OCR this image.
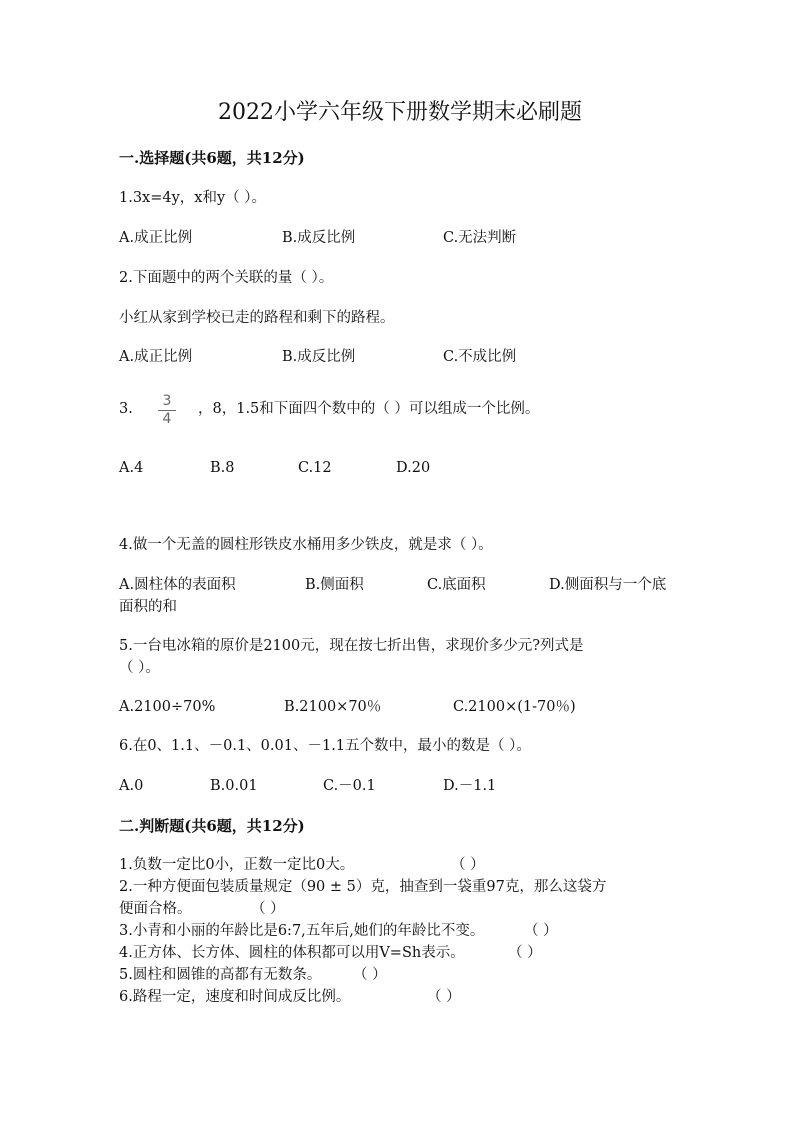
2022小学六年级下册数学期末必刷题
一.选择题(共6题，共12分)
1.3x=4y，x和y（ ）。
A.成正比例	B.成反比例	C.无法判断
2.下面题中的两个关联的量（ ）。
小红从家到学校已走的路程和剩下的路程。
A.成正比例	B.成反比例	C.不成比例
3.	3
4
，8，1.5和下面四个数中的（ ）可以组成一个比例。
A.4	B.8	C.12	D.20
4.做一个无盖的圆柱形铁皮水桶用多少铁皮，就是求（ ）。
A.圆柱体的表面积	B.侧面积	C.底面积	D.侧面积与一个底
面积的和
5.一台电冰箱的原价是2100元，现在按七折出售，求现价多少元?列式是
（ ）。
A.2100÷70%	B.2100×70％	C.2100×(1-70％)
6.在0、1.1、－0.1、0.01、－1.1五个数中，最小的数是（ ）。
A.0	B.0.01	C.－0.1	D.－1.1
二.判断题(共6题，共12分)
1.负数一定比0小，正数一定比0大。	（ ）
2.一种方便面包装质量规定（90 ± 5）克，抽查到一袋重97克，那么这袋方
便面合格。	（ ）
3.小青和小丽的年龄比是6:7,五年后,她们的年龄比不变。	（ ）
4.正方体、长方体、圆柱的体积都可以用V=Sh表示。	（ ）
5.圆柱和圆锥的高都有无数条。 （ ）
6.路程一定，速度和时间成反比例。	（ ）
